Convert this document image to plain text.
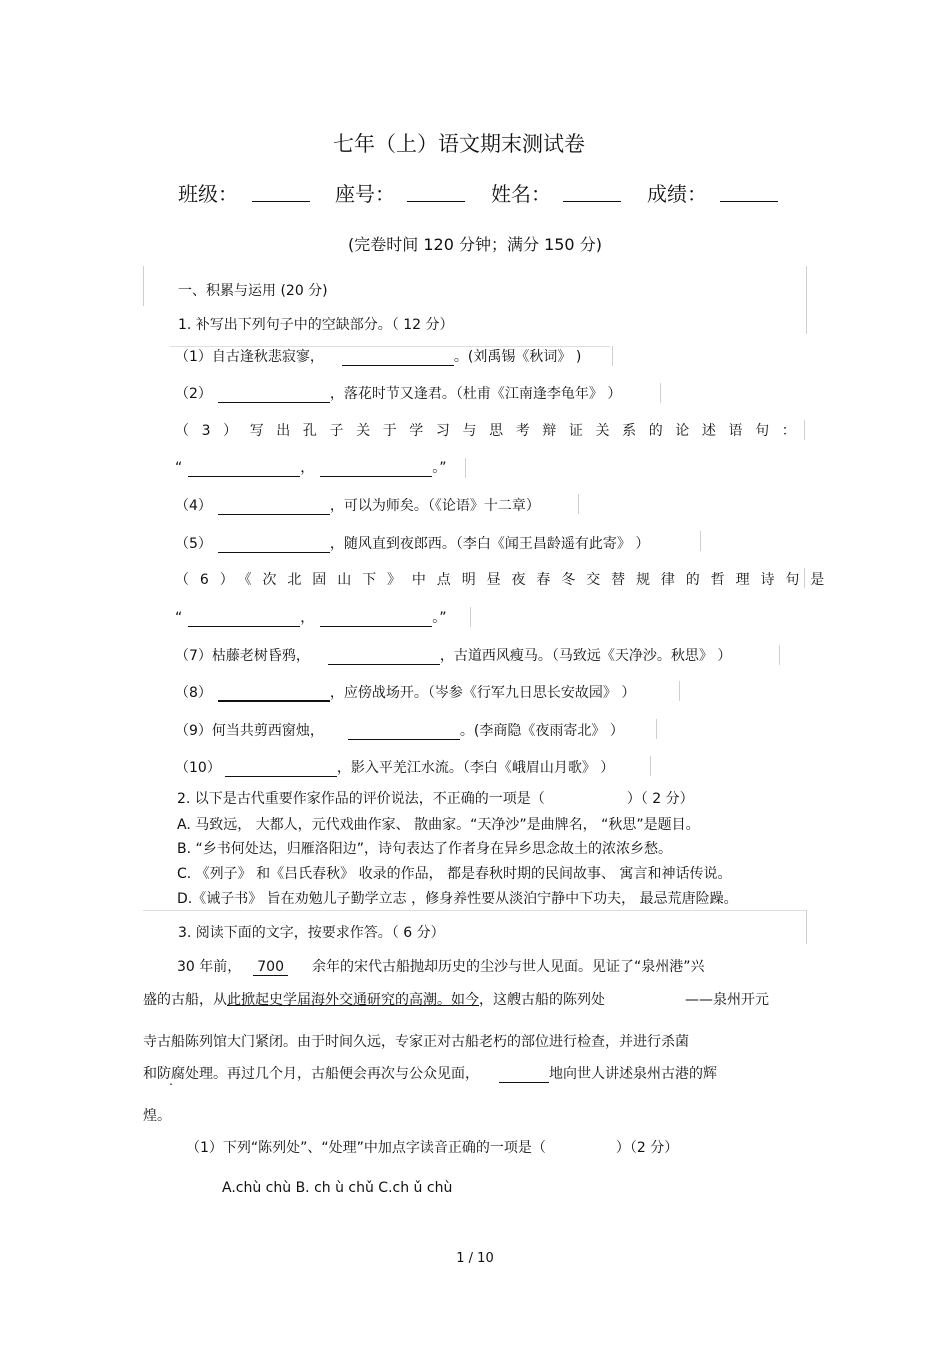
七年（上）语文期末测试卷
班级：	座号：	姓名：	成绩：
(完卷时间 120 分钟；满分 150 分)
一、积累与运用 (20 分)
1. 补写出下列句子中的空缺部分。（ 12 分）
（1）自古逢秋悲寂寥，	。(刘禹锡《秋词》 )
（2）	，落花时节又逢君。（杜甫《江南逢李龟年》 ）
（3）写出孔子关于学习与思考辩证关系的论述语句：
“	，	。”
（4）	，可以为师矣。（《论语》十二章）
（5）	，随风直到夜郎西。（李白《闻王昌龄遥有此寄》 ）
（6）《次北固山下》中点明昼夜春冬交替规律的哲理诗句是
“	，	。”
（7）枯藤老树昏鸦，	，古道西风瘦马。（马致远《天净沙。秋思》 ）
（8）	，应傍战场开。（岑参《行军九日思长安故园》 ）
（9）何当共剪西窗烛，	。(李商隐《夜雨寄北》 ）
（10）	，影入平羌江水流。（李白《峨眉山月歌》 ）
2. 以下是古代重要作家作品的评价说法，不正确的一项是（	）（ 2 分）
A. 马致远， 大都人，元代戏曲作家、 散曲家。“天净沙”是曲牌名， “秋思”是题目。
B. “乡书何处达，归雁洛阳边”，诗句表达了作者身在异乡思念故土的浓浓乡愁。
C. 《列子》 和《吕氏春秋》 收录的作品， 都是春秋时期的民间故事、 寓言和神话传说。
D.《诫子书》 旨在劝勉儿子勤学立志 ，修身养性要从淡泊宁静中下功夫， 最忌荒唐险躁。
3. 阅读下面的文字，按要求作答。（ 6 分）
30 年前， 700 余年的宋代古船抛却历史的尘沙与世人见面。见证了“泉州港”兴
盛的古船，从此掀起史学届海外交通研究的高潮。如今，这艘古船的陈列处	——泉州开元
寺古船陈列馆大门紧闭。由于时间久远，专家正对古船老朽的部位进行检查，并进行杀菌
和防腐处理。再过几个月，古船便会再次与公众见面，	地向世人讲述泉州古港的辉
煌。
（1）下列“陈列处”、“处理”中加点字读音正确的一项是（	）（2 分）
A.chù chù B. ch ù chǔ C.ch ǔ chù
1 / 10
